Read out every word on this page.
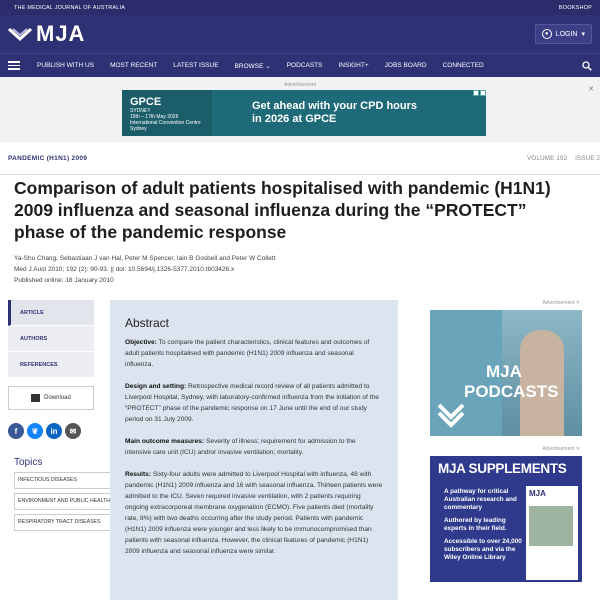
THE MEDICAL JOURNAL OF AUSTRALIA	BOOKSHOP
MJA	●	LOGIN ▾
PUBLISH WITH US MOST RECENT LATEST ISSUE BROWSE ⌄ PODCASTS INSIGHT+ JOBS BOARD CONNECTED
Advertisement
✕
GPCE
SYDNEY
15th – 17th May 2026
International Convention Centre Sydney
Get ahead with your CPD hours
in 2026 at GPCE
PANDEMIC (H1N1) 2009	VOLUME 192 ISSUE 2
Comparison of adult patients hospitalised with pandemic (H1N1) 2009 influenza and seasonal influenza during the “PROTECT” phase of the pandemic response
Ya-Shu Chang, Sebastiaan J van Hal, Peter M Spencer, Iain B Gosbell and Peter W Collett
Med J Aust 2010; 192 (2): 90-93. || doi: 10.5694/j.1326-5377.2010.tb03426.x
Published online: 18 January 2010
ARTICLE
AUTHORS
REFERENCES
Download
f	❦	in	✉
Topics
INFECTIOUS DISEASES
ENVIRONMENT AND PUBLIC HEALTH
RESPIRATORY TRACT DISEASES
Abstract

Objective: To compare the patient characteristics, clinical features and outcomes of adult patients hospitalised with pandemic (H1N1) 2009 influenza and seasonal influenza.

Design and setting: Retrospective medical record review of all patients admitted to Liverpool Hospital, Sydney, with laboratory-confirmed influenza from the initiation of the “PROTECT” phase of the pandemic response on 17 June until the end of our study period on 31 July 2009.

Main outcome measures: Severity of illness; requirement for admission to the intensive care unit (ICU) and/or invasive ventilation; mortality.

Results: Sixty-four adults were admitted to Liverpool Hospital with influenza, 48 with pandemic (H1N1) 2009 influenza and 16 with seasonal influenza. Thirteen patients were admitted to the ICU. Seven required invasive ventilation, with 2 patients requiring ongoing extracorporeal membrane oxygenation (ECMO). Five patients died (mortality rate, 8%) with two deaths occurring after the study period. Patients with pandemic (H1N1) 2009 influenza were younger and less likely to be immunocompromised than patients with seasonal influenza. However, the clinical features of pandemic (H1N1) 2009 influenza and seasonal influenza were similar.

Advertisement ✕
MJA
PODCASTS
Advertisement ✕
MJA SUPPLEMENTS
A pathway for critical Australian research and commentary
Authored by leading experts in their field.
Accessible to over 24,000 subscribers and via the Wiley Online Library
MJA
MJA
